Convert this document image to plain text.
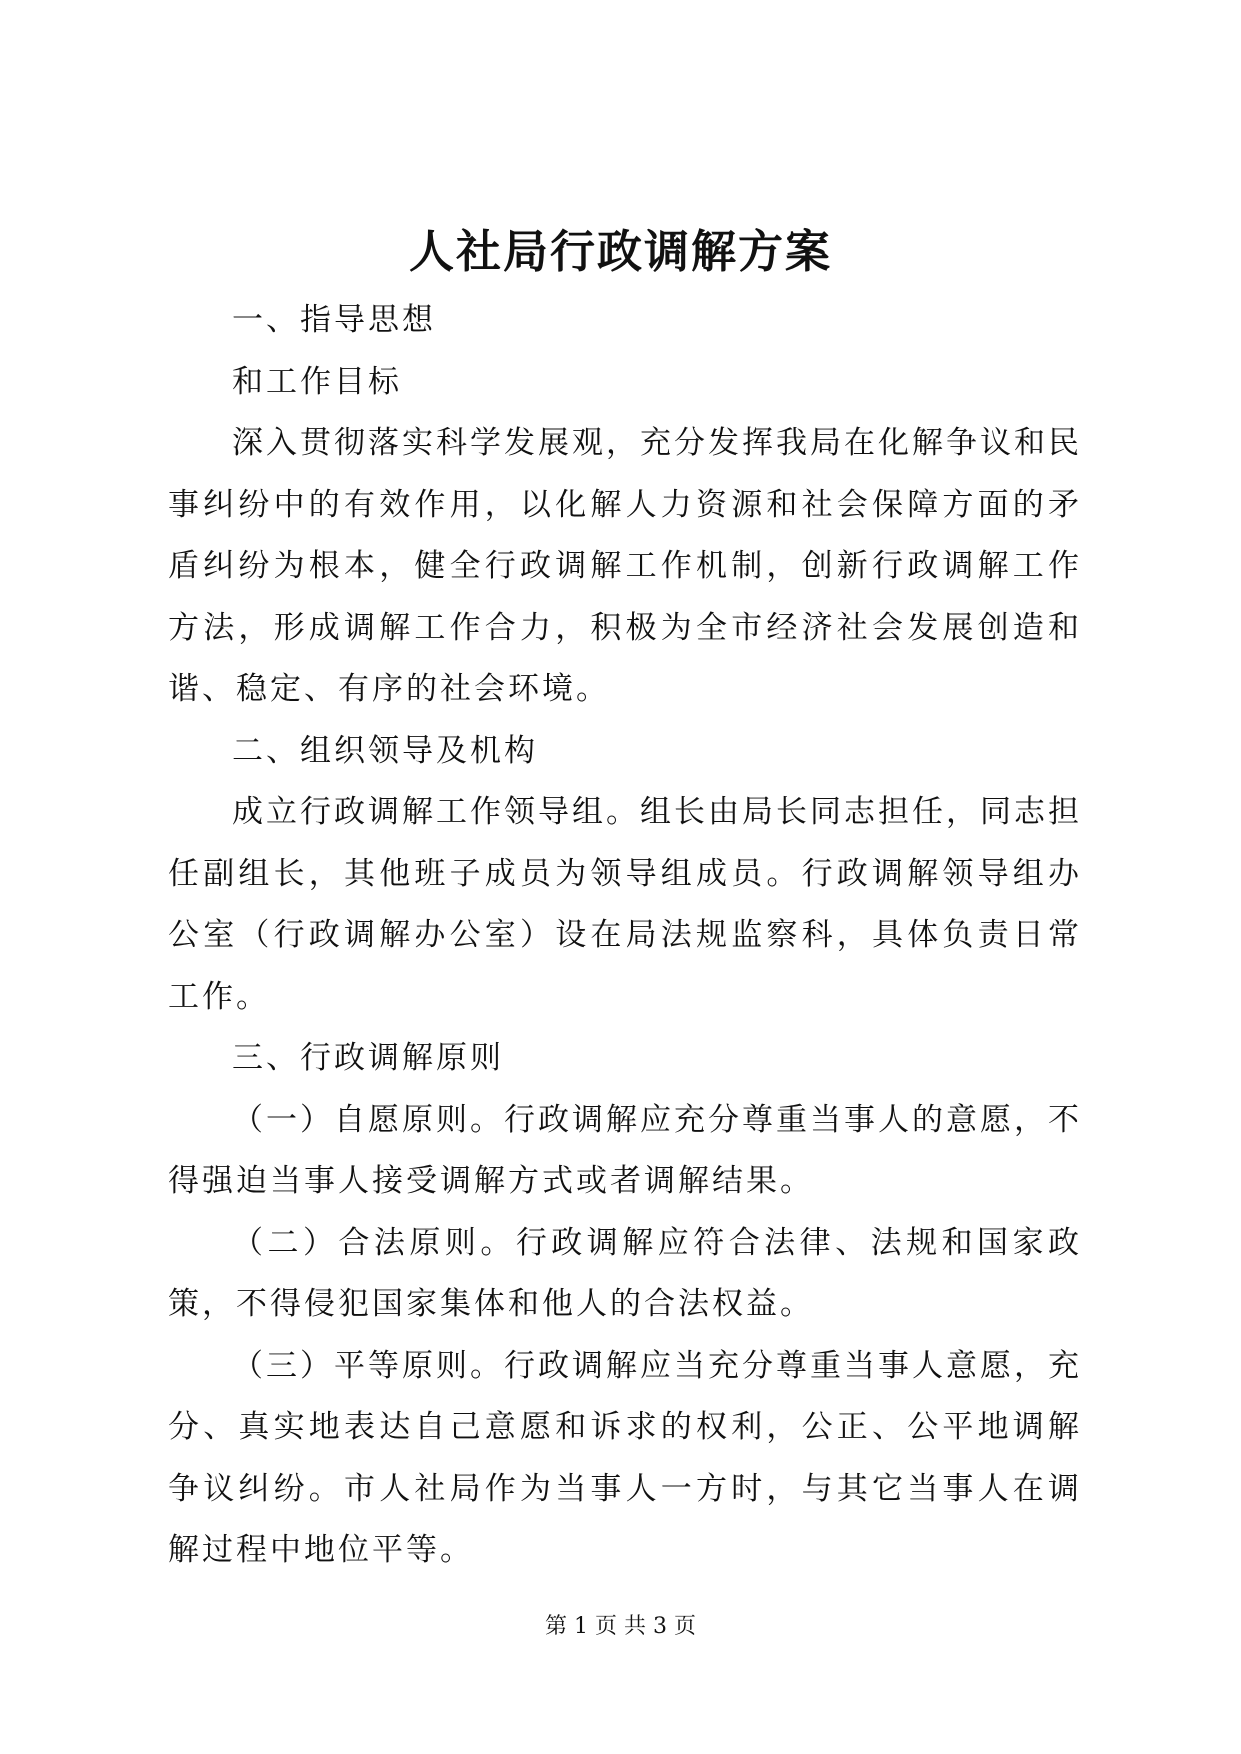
人社局行政调解方案

一、指导思想

和工作目标

深入贯彻落实科学发展观，充分发挥我局在化解争议和民事纠纷中的有效作用，以化解人力资源和社会保障方面的矛盾纠纷为根本，健全行政调解工作机制，创新行政调解工作方法，形成调解工作合力，积极为全市经济社会发展创造和谐、稳定、有序的社会环境。

二、组织领导及机构

成立行政调解工作领导组。组长由局长同志担任，同志担任副组长，其他班子成员为领导组成员。行政调解领导组办公室（行政调解办公室）设在局法规监察科，具体负责日常工作。

三、行政调解原则

（一）自愿原则。行政调解应充分尊重当事人的意愿，不得强迫当事人接受调解方式或者调解结果。

（二）合法原则。行政调解应符合法律、法规和国家政策，不得侵犯国家集体和他人的合法权益。

（三）平等原则。行政调解应当充分尊重当事人意愿，充分、真实地表达自己意愿和诉求的权利，公正、公平地调解争议纠纷。市人社局作为当事人一方时，与其它当事人在调解过程中地位平等。

第 1 页 共 3 页
